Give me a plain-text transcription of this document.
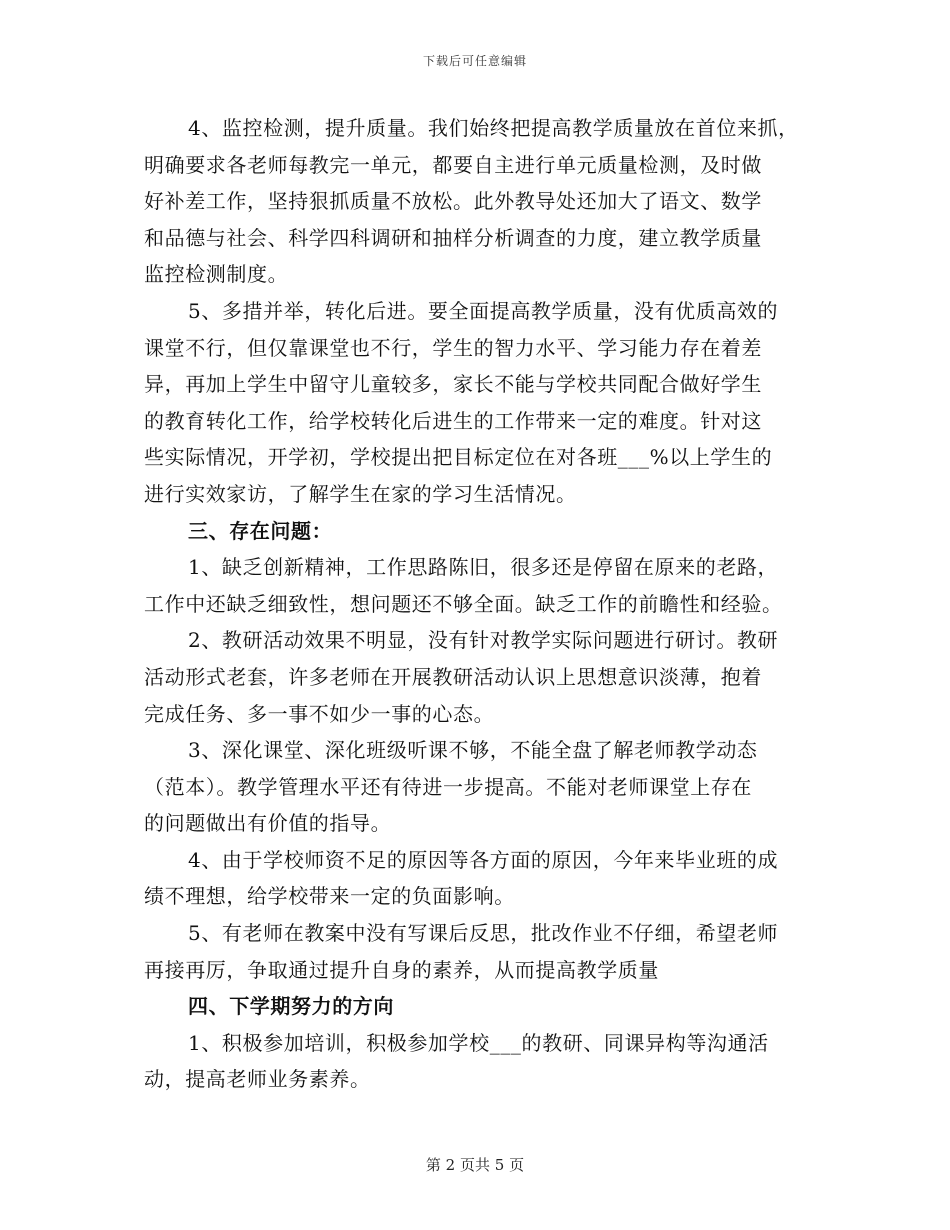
下载后可任意编辑
4、监控检测，提升质量。我们始终把提高教学质量放在首位来抓，
明确要求各老师每教完一单元，都要自主进行单元质量检测，及时做
好补差工作，坚持狠抓质量不放松。此外教导处还加大了语文、数学
和品德与社会、科学四科调研和抽样分析调查的力度，建立教学质量
监控检测制度。
5、多措并举，转化后进。要全面提高教学质量，没有优质高效的
课堂不行，但仅靠课堂也不行，学生的智力水平、学习能力存在着差
异，再加上学生中留守儿童较多，家长不能与学校共同配合做好学生
的教育转化工作，给学校转化后进生的工作带来一定的难度。针对这
些实际情况，开学初，学校提出把目标定位在对各班___%以上学生的
进行实效家访，了解学生在家的学习生活情况。
三、存在问题：
1、缺乏创新精神，工作思路陈旧，很多还是停留在原来的老路，
工作中还缺乏细致性，想问题还不够全面。缺乏工作的前瞻性和经验。
2、教研活动效果不明显，没有针对教学实际问题进行研讨。教研
活动形式老套，许多老师在开展教研活动认识上思想意识淡薄，抱着
完成任务、多一事不如少一事的心态。
3、深化课堂、深化班级听课不够，不能全盘了解老师教学动态
（范本）。教学管理水平还有待进一步提高。不能对老师课堂上存在
的问题做出有价值的指导。
4、由于学校师资不足的原因等各方面的原因，今年来毕业班的成
绩不理想，给学校带来一定的负面影响。
5、有老师在教案中没有写课后反思，批改作业不仔细，希望老师
再接再厉，争取通过提升自身的素养，从而提高教学质量
四、下学期努力的方向
1、积极参加培训，积极参加学校___的教研、同课异构等沟通活
动，提高老师业务素养。
第 2 页共 5 页
